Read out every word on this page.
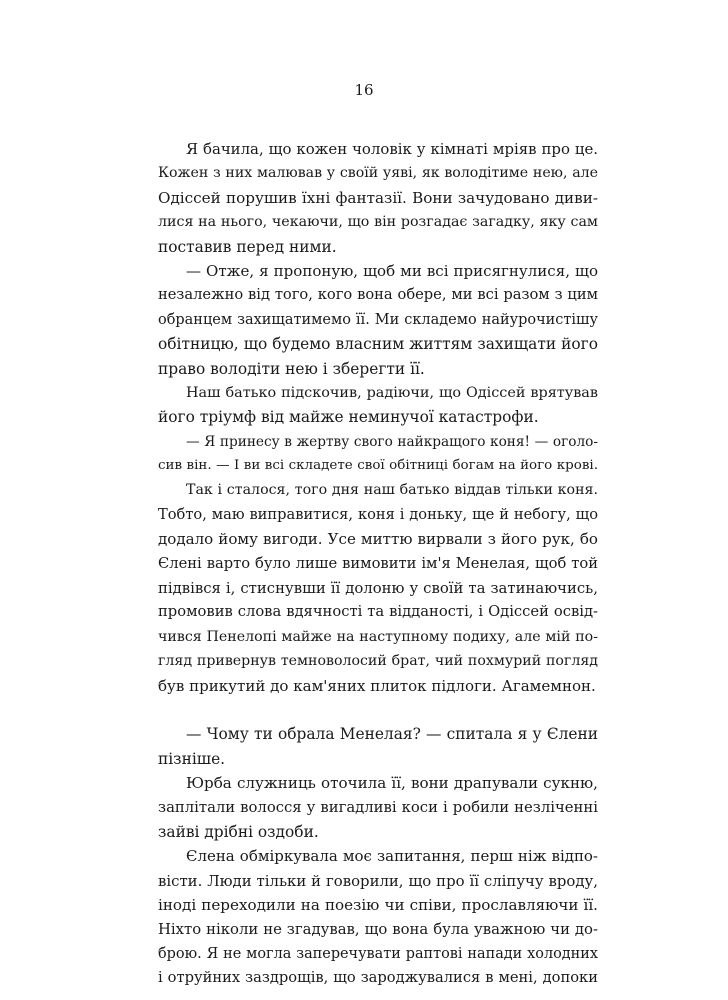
16
Я бачила, що кожен чоловік у кімнаті мріяв про це.
Кожен з них малював у своїй уяві, як володітиме нею, але
Одіссей порушив їхні фантазії. Вони зачудовано диви-
лися на нього, чекаючи, що він розгадає загадку, яку сам
поставив перед ними.
— Отже, я пропоную, щоб ми всі присягнулися, що
незалежно від того, кого вона обере, ми всі разом з цим
обранцем захищатимемо її. Ми складемо найурочистішу
обітницю, що будемо власним життям захищати його
право володіти нею і зберегти її.
Наш батько підскочив, радіючи, що Одіссей врятував
його тріумф від майже неминучої катастрофи.
— Я принесу в жертву свого найкращого коня! — оголо-
сив він. — І ви всі складете свої обітниці богам на його крові.
Так і сталося, того дня наш батько віддав тільки коня.
Тобто, маю виправитися, коня і доньку, ще й небогу, що
додало йому вигоди. Усе миттю вирвали з його рук, бо
Єлені варто було лише вимовити ім'я Менелая, щоб той
підвівся і, стиснувши її долоню у своїй та затинаючись,
промовив слова вдячності та відданості, і Одіссей освід-
чився Пенелопі майже на наступному подиху, але мій по-
гляд привернув темноволосий брат, чий похмурий погляд
був прикутий до кам'яних плиток підлоги. Агамемнон.
— Чому ти обрала Менелая? — спитала я у Єлени
пізніше.
Юрба служниць оточила її, вони драпували сукню,
заплітали волосся у вигадливі коси і робили незліченні
зайві дрібні оздоби.
Єлена обміркувала моє запитання, перш ніж відпо-
вісти. Люди тільки й говорили, що про її сліпучу вроду,
іноді переходили на поезію чи співи, прославляючи її.
Ніхто ніколи не згадував, що вона була уважною чи до-
брою. Я не могла заперечувати раптові напади холодних
і отруйних заздрощів, що зароджувалися в мені, допоки
